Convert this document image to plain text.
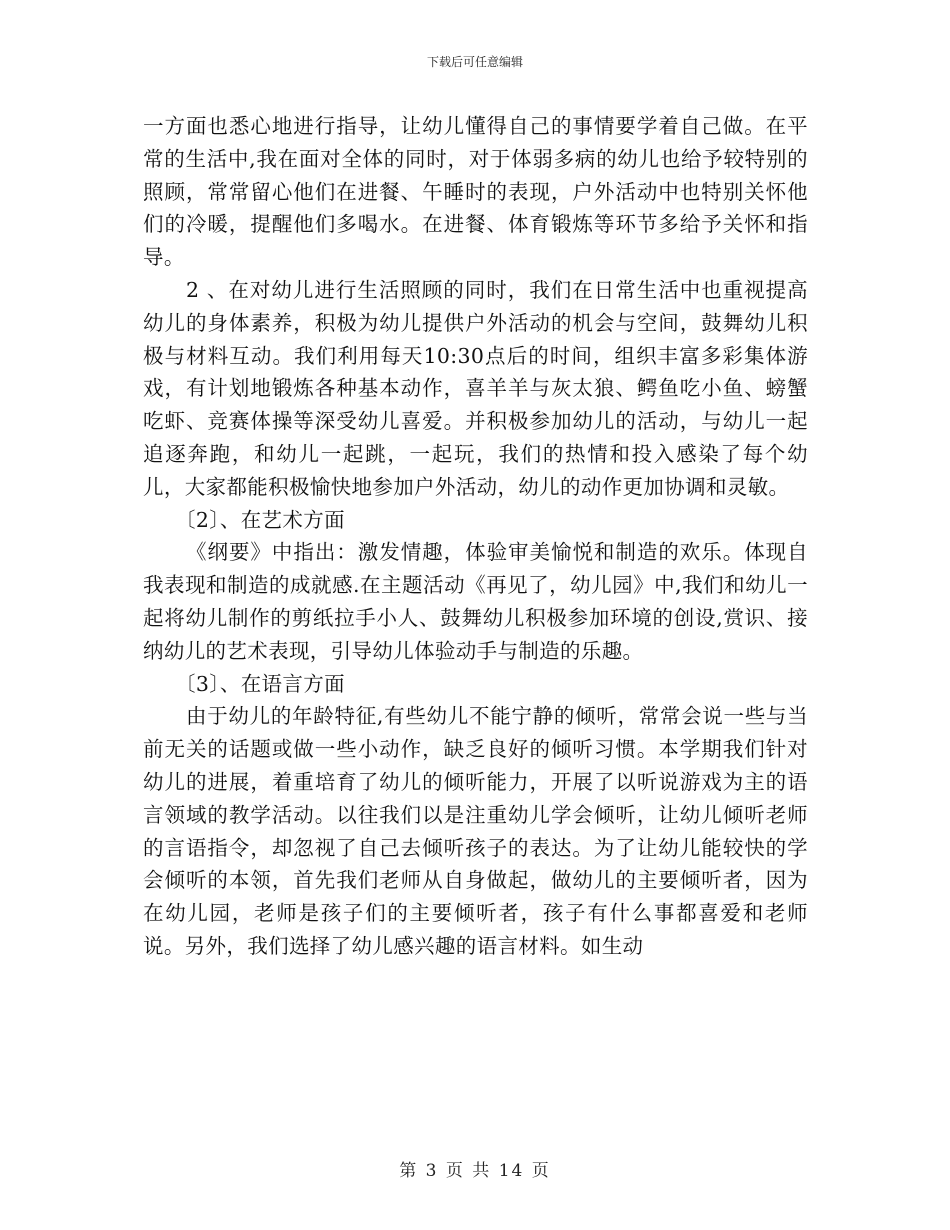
下载后可任意编辑

一方面也悉心地进行指导，让幼儿懂得自己的事情要学着自己做。在平常的生活中,我在面对全体的同时，对于体弱多病的幼儿也给予较特别的照顾，常常留心他们在进餐、午睡时的表现，户外活动中也特别关怀他们的冷暖，提醒他们多喝水。在进餐、体育锻炼等环节多给予关怀和指导。

2 、在对幼儿进行生活照顾的同时，我们在日常生活中也重视提高幼儿的身体素养，积极为幼儿提供户外活动的机会与空间，鼓舞幼儿积极与材料互动。我们利用每天10:30点后的时间，组织丰富多彩集体游戏，有计划地锻炼各种基本动作，喜羊羊与灰太狼、鳄鱼吃小鱼、螃蟹吃虾、竞赛体操等深受幼儿喜爱。并积极参加幼儿的活动，与幼儿一起追逐奔跑，和幼儿一起跳，一起玩，我们的热情和投入感染了每个幼儿，大家都能积极愉快地参加户外活动，幼儿的动作更加协调和灵敏。

〔2〕、在艺术方面

《纲要》中指出：激发情趣，体验审美愉悦和制造的欢乐。体现自我表现和制造的成就感.在主题活动《再见了，幼儿园》中,我们和幼儿一起将幼儿制作的剪纸拉手小人、鼓舞幼儿积极参加环境的创设,赏识、接纳幼儿的艺术表现，引导幼儿体验动手与制造的乐趣。

〔3〕、在语言方面

由于幼儿的年龄特征,有些幼儿不能宁静的倾听，常常会说一些与当前无关的话题或做一些小动作，缺乏良好的倾听习惯。本学期我们针对幼儿的进展，着重培育了幼儿的倾听能力，开展了以听说游戏为主的语言领域的教学活动。以往我们以是注重幼儿学会倾听，让幼儿倾听老师的言语指令，却忽视了自己去倾听孩子的表达。为了让幼儿能较快的学会倾听的本领，首先我们老师从自身做起，做幼儿的主要倾听者，因为在幼儿园，老师是孩子们的主要倾听者，孩子有什么事都喜爱和老师说。另外，我们选择了幼儿感兴趣的语言材料。如生动

第 3 页 共 14 页
